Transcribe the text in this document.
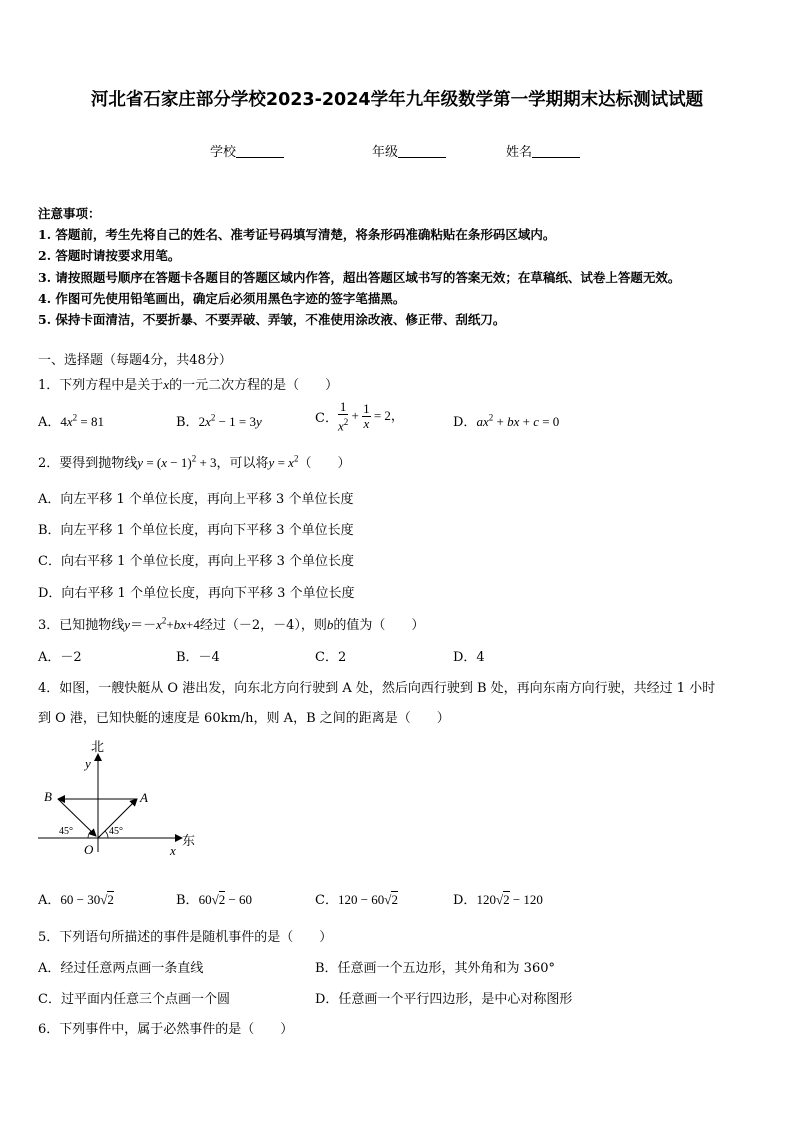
河北省石家庄部分学校2023-2024学年九年级数学第一学期期末达标测试试题
学校	年级	姓名
注意事项：
1. 答题前，考生先将自己的姓名、准考证号码填写清楚，将条形码准确粘贴在条形码区域内。
2. 答题时请按要求用笔。
3. 请按照题号顺序在答题卡各题目的答题区域内作答，超出答题区域书写的答案无效；在草稿纸、试卷上答题无效。
4. 作图可先使用铅笔画出，确定后必须用黑色字迹的签字笔描黑。
5. 保持卡面清洁，不要折暴、不要弄破、弄皱，不准使用涂改液、修正带、刮纸刀。
一、选择题（每题4分，共48分）
1．下列方程中是关于x的一元二次方程的是（　　）
A．$4x^2 = 81$	B．$2x^2 - 1 = 3y$	C． $\frac{1}{x^2} + \frac{1}{x} = 2$，	D．$ax^2$ + bx + c = 0
2．要得到抛物线$y = (x - 1)^2 + 3$，可以将$y = x^2$（　　）
A．向左平移 1 个单位长度，再向上平移 3 个单位长度
B．向左平移 1 个单位长度，再向下平移 3 个单位长度
C．向右平移 1 个单位长度，再向上平移 3 个单位长度
D．向右平移 1 个单位长度，再向下平移 3 个单位长度
3．已知抛物线$y=-x^2+bx+4$经过（－2，－4），则b的值为（　　）
A．－2	B．－4	C．2	D．4
4．如图，一艘快艇从 O 港出发，向东北方向行驶到 A 处，然后向西行驶到 B 处，再向东南方向行驶，共经过 1 小时
到 O 港，已知快艇的速度是 60km/h，则 A，B 之间的距离是（　　）
北
y
东
x
O
A
B
45°	45°
A．60 − 30√2	B．60√2 − 60	C．120 − 60√2	D．120√2 − 120
5．下列语句所描述的事件是随机事件的是（　　）
A．经过任意两点画一条直线	B．任意画一个五边形，其外角和为 360°
C．过平面内任意三个点画一个圆	D．任意画一个平行四边形，是中心对称图形
6．下列事件中，属于必然事件的是（　　）
